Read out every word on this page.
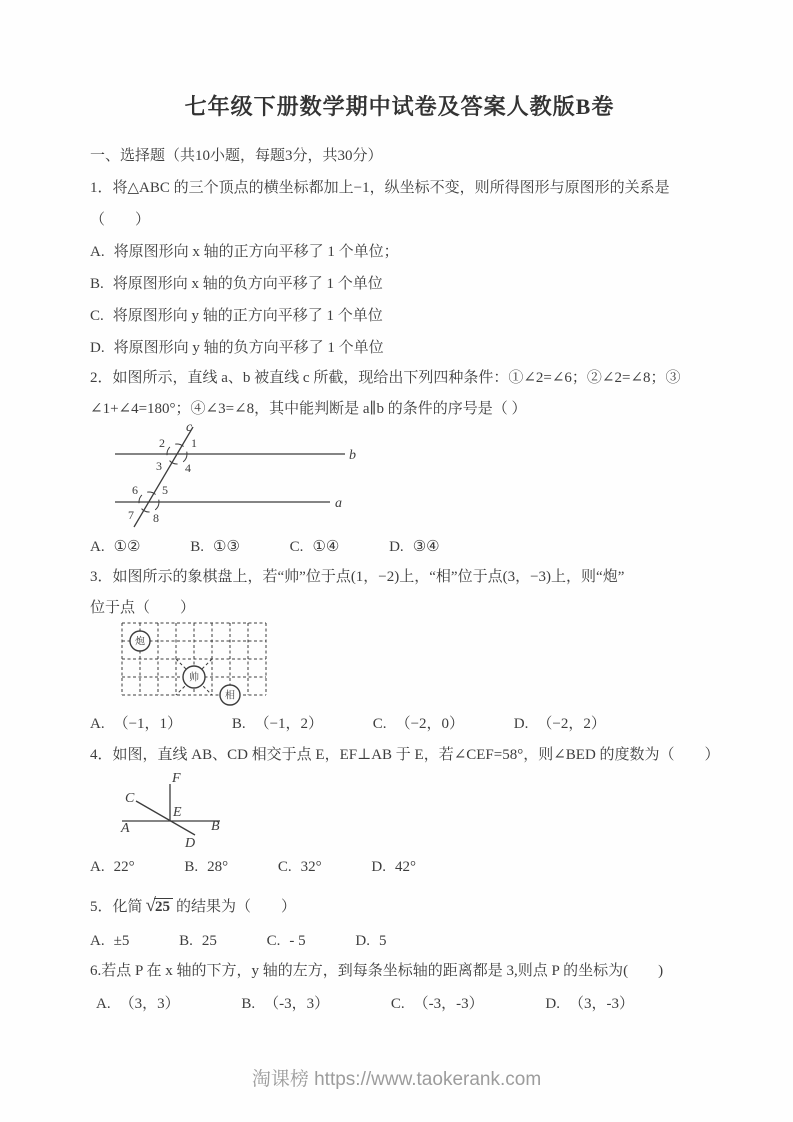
七年级下册数学期中试卷及答案人教版B卷
一、选择题（共10小题，每题3分，共30分）
1．将△ABC 的三个顶点的横坐标都加上−1，纵坐标不变，则所得图形与原图形的关系是
（　　）
A. 将原图形向 x 轴的正方向平移了 1 个单位；
B. 将原图形向 x 轴的负方向平移了 1 个单位
C. 将原图形向 y 轴的正方向平移了 1 个单位
D. 将原图形向 y 轴的负方向平移了 1 个单位
2．如图所示，直线 a、b 被直线 c 所截，现给出下列四种条件：①∠2=∠6；②∠2=∠8；③
∠1+∠4=180°；④∠3=∠8，其中能判断是 a∥b 的条件的序号是（ ）
c
b
a
1
2
3 4
5
6
7 8
A. ①②	B. ①③	C. ①④	D. ③④
3．如图所示的象棋盘上，若“帅”位于点(1，−2)上，“相”位于点(3，−3)上，则“炮”
位于点（　　）
炮
帅
相
A. （−1，1）	B. （−1，2）	C. （−2，0）	D. （−2，2）
4．如图，直线 AB、CD 相交于点 E，EF⊥AB 于 E，若∠CEF=58°，则∠BED 的度数为（　　）
F
C
E
A	B
D
A. 22°	B. 28°	C. 32°	D. 42°
5．化简 √25 的结果为（　　）
A. ±5	B. 25	C. - 5	D. 5
6.若点 P 在 x 轴的下方，y 轴的左方，到每条坐标轴的距离都是 3,则点 P 的坐标为(　　)
A. （3，3）	B. （-3，3）	C. （-3，-3）	D. （3，-3）
淘课榜 https://www.taokerank.com
